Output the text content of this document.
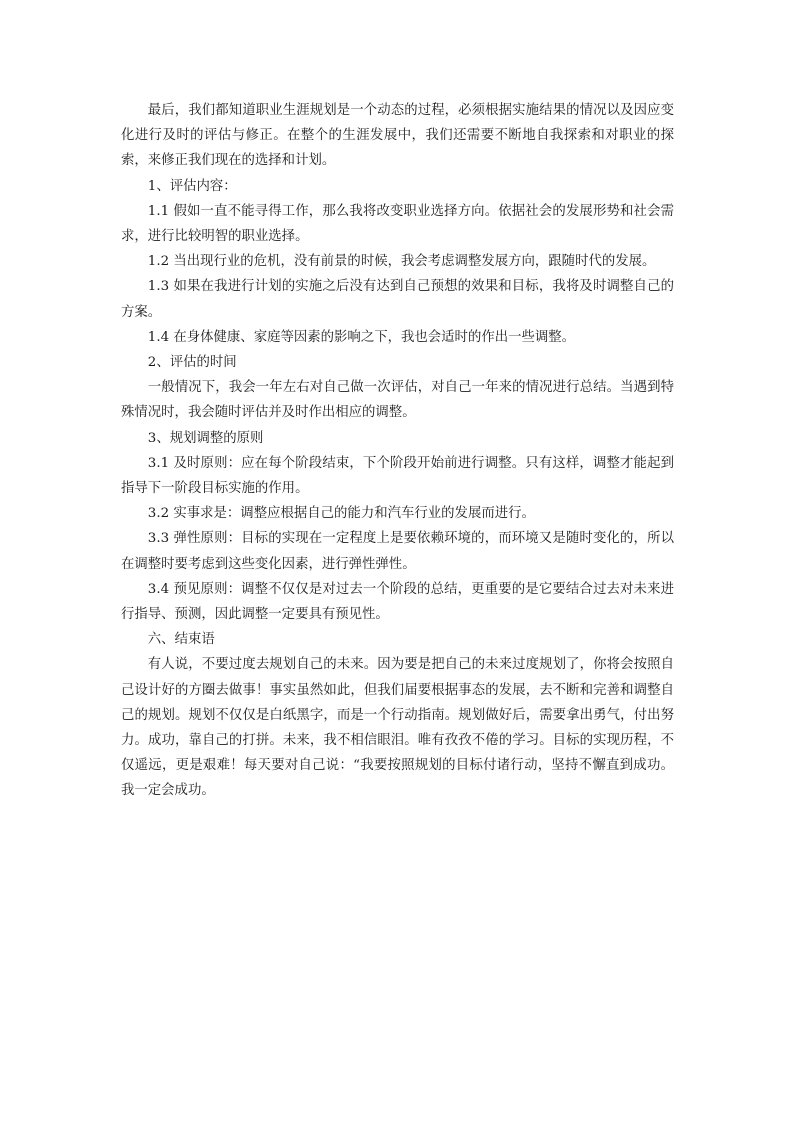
最后，我们都知道职业生涯规划是一个动态的过程，必须根据实施结果的情况以及因应变化进行及时的评估与修正。在整个的生涯发展中，我们还需要不断地自我探索和对职业的探索，来修正我们现在的选择和计划。

1、评估内容：

1.1 假如一直不能寻得工作，那么我将改变职业选择方向。依据社会的发展形势和社会需求，进行比较明智的职业选择。

1.2 当出现行业的危机，没有前景的时候，我会考虑调整发展方向，跟随时代的发展。

1.3 如果在我进行计划的实施之后没有达到自己预想的效果和目标，我将及时调整自己的方案。

1.4 在身体健康、家庭等因素的影响之下，我也会适时的作出一些调整。

2、评估的时间

一般情况下，我会一年左右对自己做一次评估，对自己一年来的情况进行总结。当遇到特殊情况时，我会随时评估并及时作出相应的调整。

3、规划调整的原则

3.1 及时原则：应在每个阶段结束，下个阶段开始前进行调整。只有这样，调整才能起到指导下一阶段目标实施的作用。

3.2 实事求是：调整应根据自己的能力和汽车行业的发展而进行。

3.3 弹性原则：目标的实现在一定程度上是要依赖环境的，而环境又是随时变化的，所以在调整时要考虑到这些变化因素，进行弹性弹性。

3.4 预见原则：调整不仅仅是对过去一个阶段的总结，更重要的是它要结合过去对未来进行指导、预测，因此调整一定要具有预见性。

六、结束语

有人说，不要过度去规划自己的未来。因为要是把自己的未来过度规划了，你将会按照自己设计好的方圈去做事！事实虽然如此，但我们届要根据事态的发展，去不断和完善和调整自己的规划。规划不仅仅是白纸黑字，而是一个行动指南。规划做好后，需要拿出勇气，付出努力。成功，靠自己的打拼。未来，我不相信眼泪。唯有孜孜不倦的学习。目标的实现历程，不仅遥远，更是艰难！每天要对自己说：“我要按照规划的目标付诸行动，坚持不懈直到成功。我一定会成功。
